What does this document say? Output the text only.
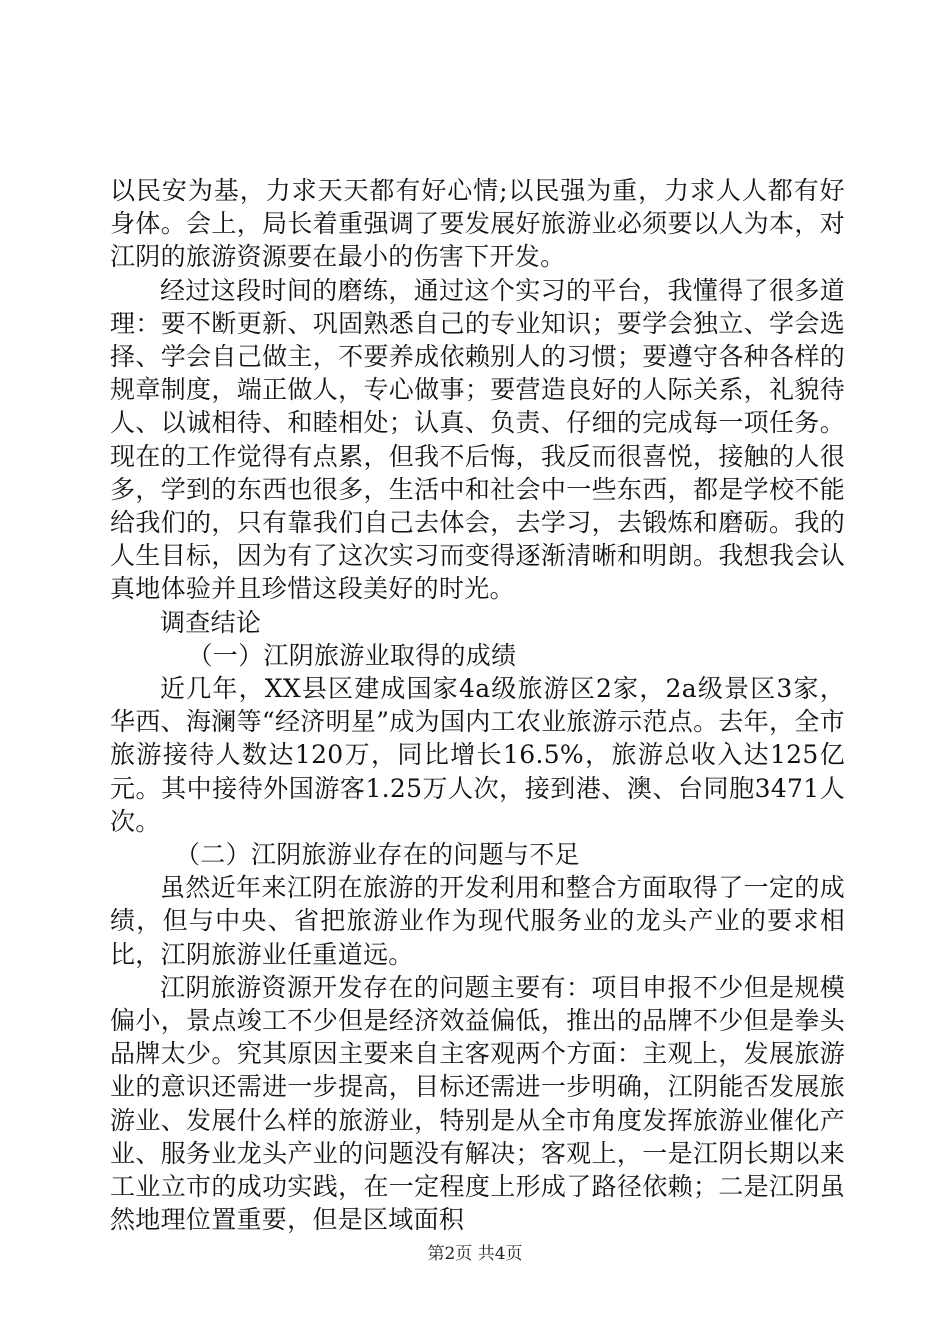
以民安为基，力求天天都有好心情;以民强为重，力求人人都有好身体。会上，局长着重强调了要发展好旅游业必须要以人为本，对江阴的旅游资源要在最小的伤害下开发。

经过这段时间的磨练，通过这个实习的平台，我懂得了很多道理：要不断更新、巩固熟悉自己的专业知识；要学会独立、学会选择、学会自己做主，不要养成依赖别人的习惯；要遵守各种各样的规章制度，端正做人，专心做事；要营造良好的人际关系，礼貌待人、以诚相待、和睦相处；认真、负责、仔细的完成每一项任务。现在的工作觉得有点累，但我不后悔，我反而很喜悦，接触的人很多，学到的东西也很多，生活中和社会中一些东西，都是学校不能给我们的，只有靠我们自己去体会，去学习，去锻炼和磨砺。我的人生目标，因为有了这次实习而变得逐渐清晰和明朗。我想我会认真地体验并且珍惜这段美好的时光。

调查结论

（一）江阴旅游业取得的成绩

近几年，XX县区建成国家4a级旅游区2家，2a级景区3家，华西、海澜等“经济明星”成为国内工农业旅游示范点。去年，全市旅游接待人数达120万，同比增长16.5%，旅游总收入达125亿元。其中接待外国游客1.25万人次，接到港、澳、台同胞3471人次。

（二）江阴旅游业存在的问题与不足

虽然近年来江阴在旅游的开发利用和整合方面取得了一定的成绩，但与中央、省把旅游业作为现代服务业的龙头产业的要求相比，江阴旅游业任重道远。

江阴旅游资源开发存在的问题主要有：项目申报不少但是规模偏小，景点竣工不少但是经济效益偏低，推出的品牌不少但是拳头品牌太少。究其原因主要来自主客观两个方面：主观上，发展旅游业的意识还需进一步提高，目标还需进一步明确，江阴能否发展旅游业、发展什么样的旅游业，特别是从全市角度发挥旅游业催化产业、服务业龙头产业的问题没有解决；客观上，一是江阴长期以来工业立市的成功实践，在一定程度上形成了路径依赖；二是江阴虽然地理位置重要，但是区域面积

第2页 共4页
